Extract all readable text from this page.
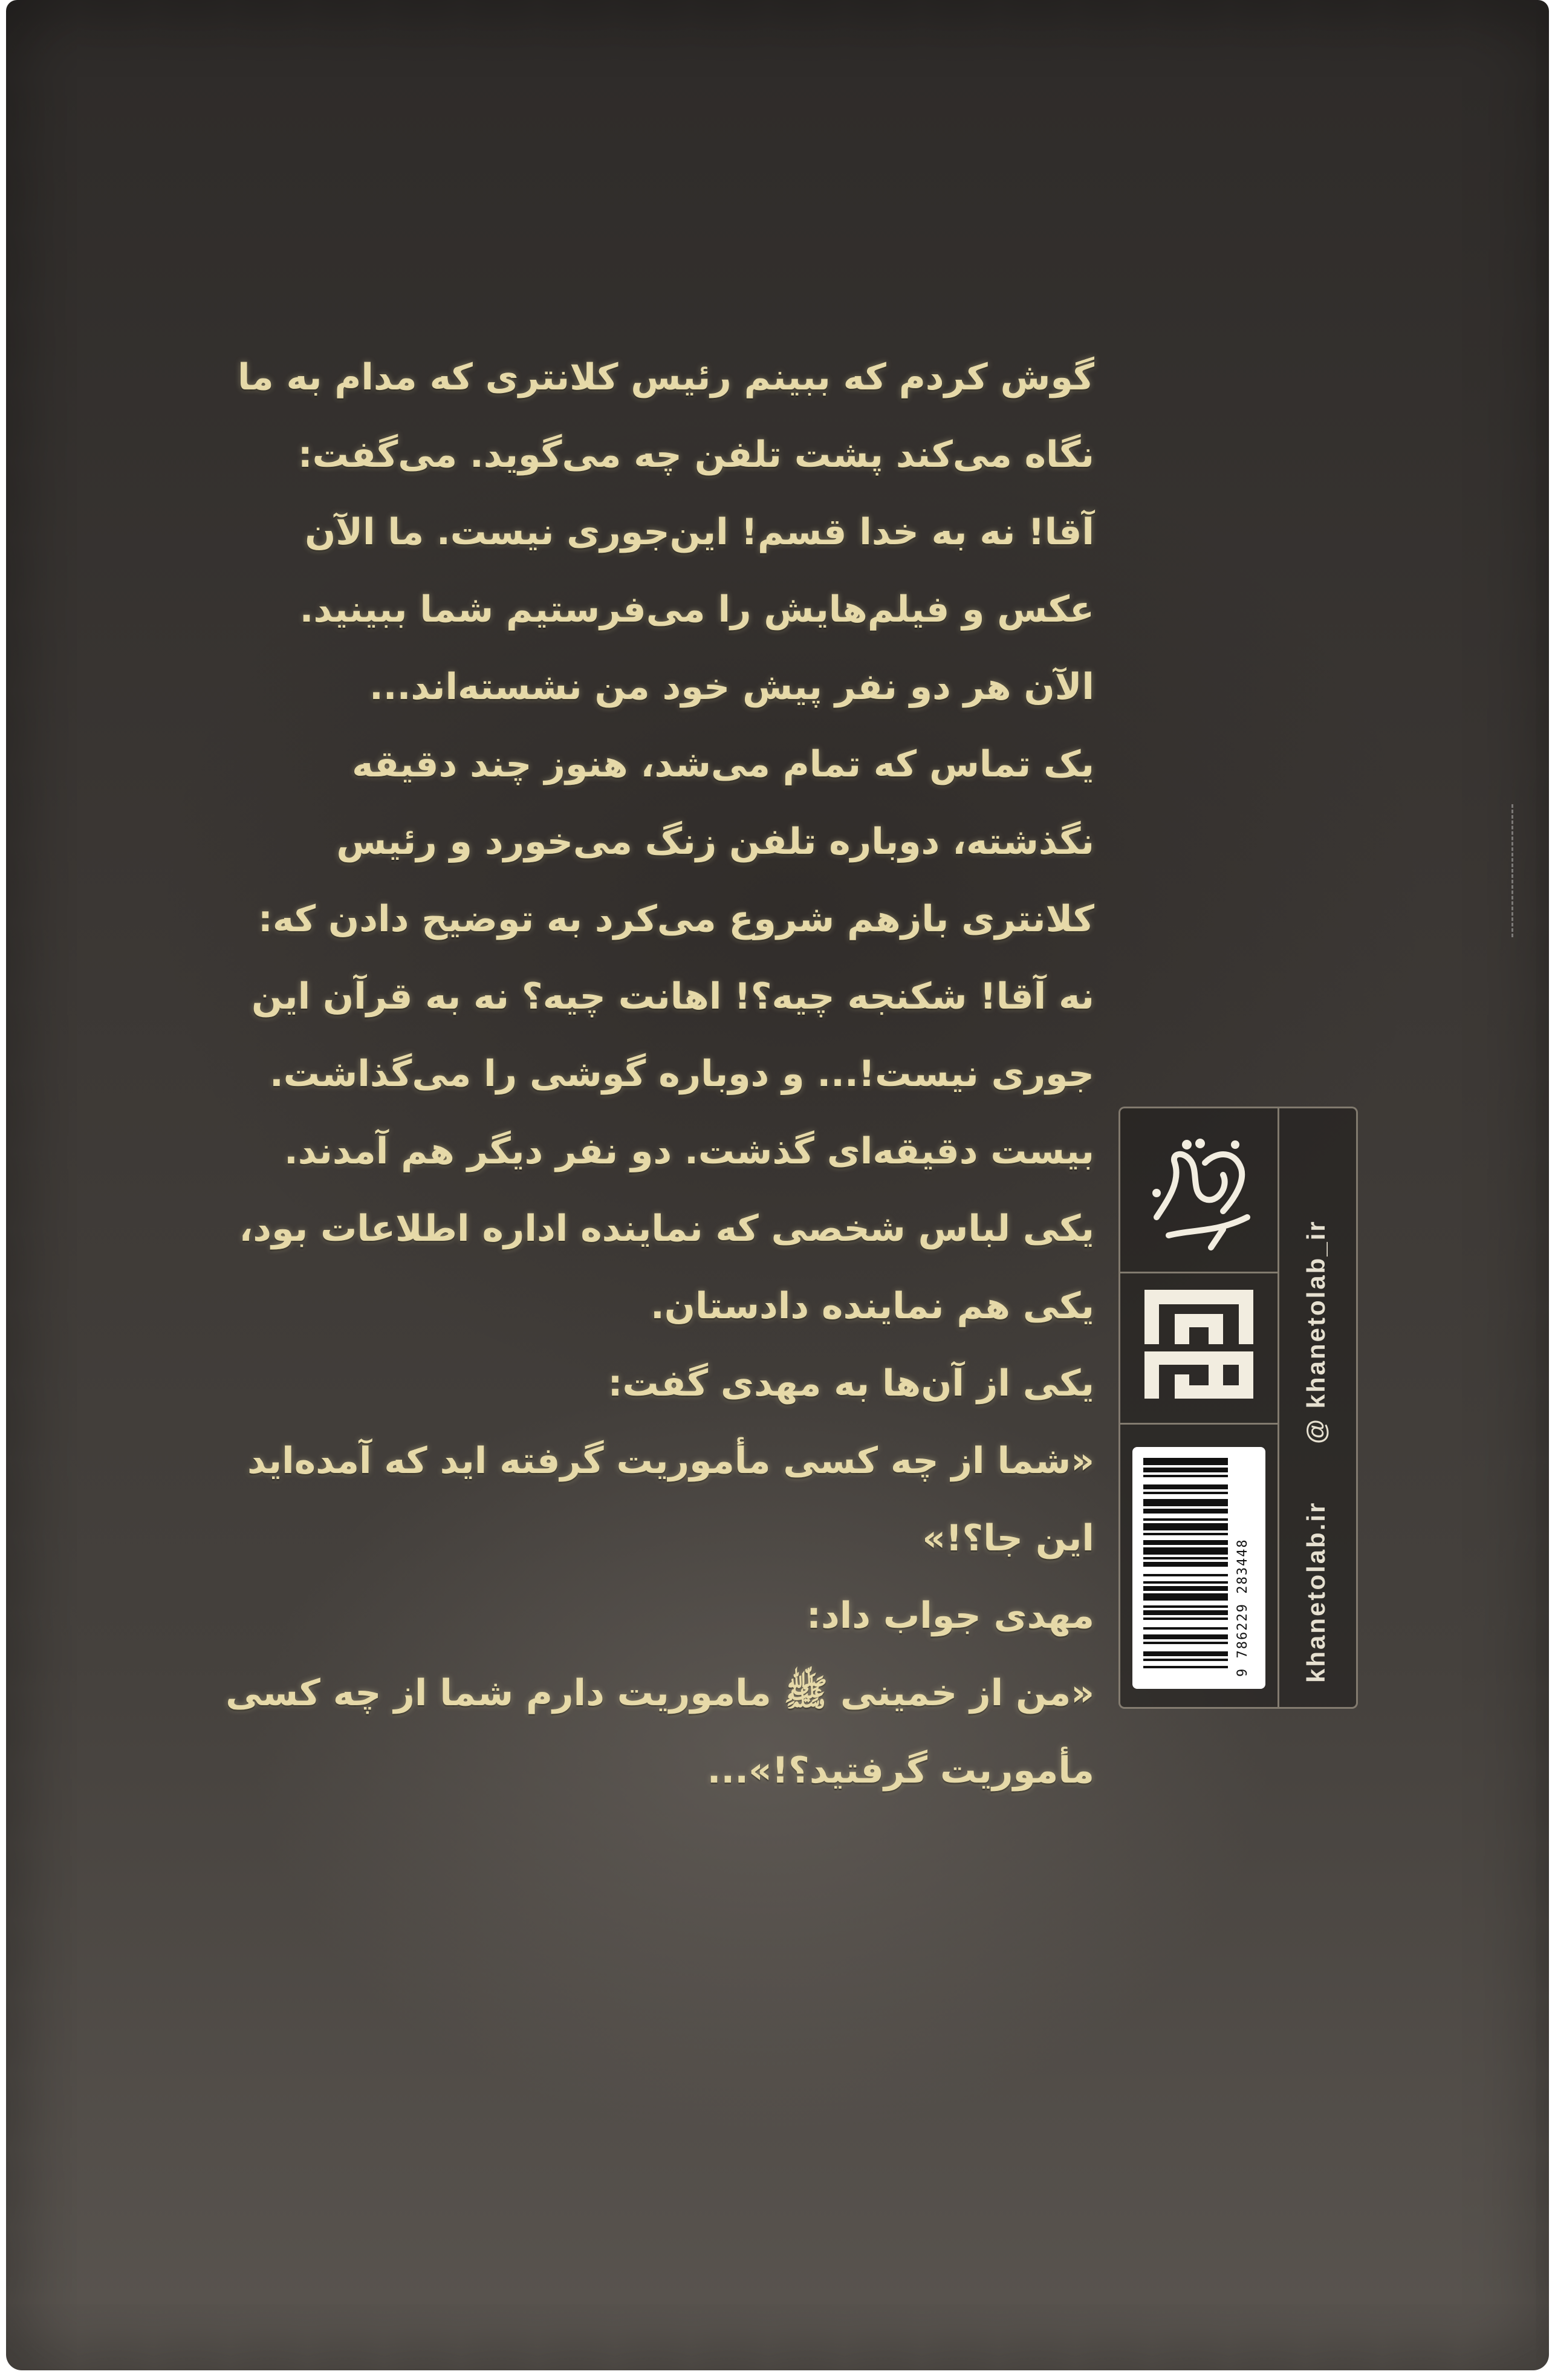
گوش کردم که ببینم رئیس کلانتری که مدام به ما
نگاه می‌کند پشت تلفن چه می‌گوید. می‌گفت:
آقا! نه به خدا قسم! این‌جوری نیست. ما الآن
عکس و فیلم‌هایش را می‌فرستیم شما ببینید.
الآن هر دو نفر پیش خود من نشسته‌اند...
یک تماس که تمام می‌شد، هنوز چند دقیقه
نگذشته، دوباره تلفن زنگ می‌خورد و رئیس
کلانتری بازهم شروع می‌کرد به توضیح دادن که:
نه آقا! شکنجه چیه؟! اهانت چیه؟ نه به قرآن این
جوری نیست!... و دوباره گوشی را می‌گذاشت.
بیست دقیقه‌ای گذشت. دو نفر دیگر هم آمدند.
یکی لباس شخصی که نماینده اداره اطلاعات بود،
یکی هم نماینده دادستان.
یکی از آن‌ها به مهدی گفت:
«شما از چه کسی مأموریت گرفته اید که آمده‌اید
این جا؟!»
مهدی جواب داد:
«من از خمینی ﷺ ماموریت دارم شما از چه کسی
مأموریت گرفتید؟!»...
9 786229 283448
@ khanetolab_ir
khanetolab.ir
